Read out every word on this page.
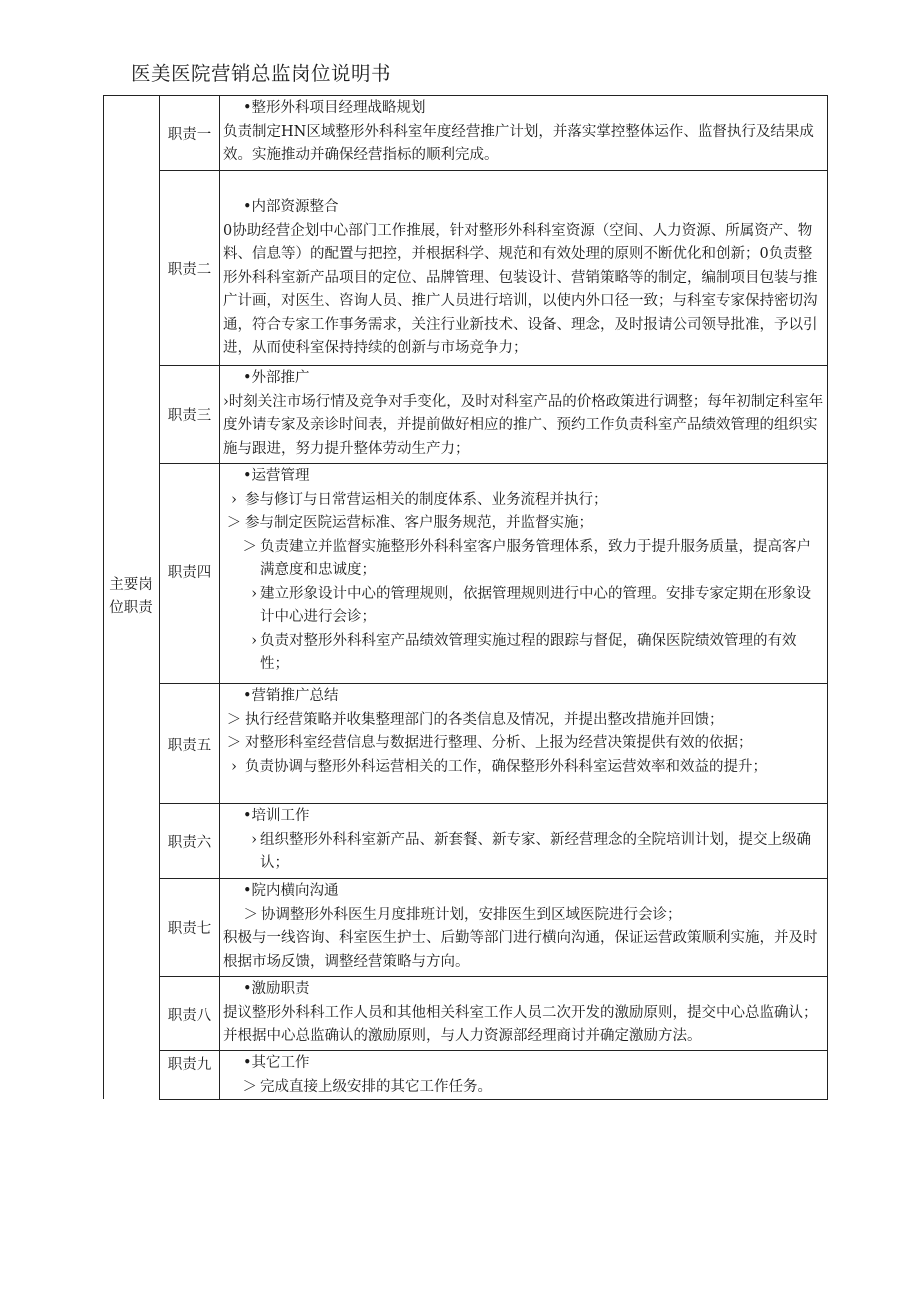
医美医院营销总监岗位说明书
主要岗位职责
职责一

•整形外科项目经理战略规划

负责制定HN区域整形外科科室年度经营推广计划，并落实掌控整体运作、监督执行及结果成效。实施推动并确保经营指标的顺利完成。

职责二

•内部资源整合

0协助经营企划中心部门工作推展，针对整形外科科室资源（空间、人力资源、所属资产、物料、信息等）的配置与把控，并根据科学、规范和有效处理的原则不断优化和创新；0负责整形外科科室新产品项目的定位、品牌管理、包装设计、营销策略等的制定，编制项目包装与推广计画，对医生、咨询人员、推广人员进行培训，以使内外口径一致；与科室专家保持密切沟通，符合专家工作事务需求，关注行业新技术、设备、理念，及时报请公司领导批准，予以引进，从而使科室保持持续的创新与市场竞争力；

职责三

•外部推广

›时刻关注市场行情及竞争对手变化，及时对科室产品的价格政策进行调整；每年初制定科室年度外请专家及亲诊时间表，并提前做好相应的推广、预约工作负责科室产品绩效管理的组织实施与跟进，努力提升整体劳动生产力；

职责四

•运营管理

› 参与修订与日常营运相关的制度体系、业务流程并执行；

＞ 参与制定医院运营标准、客户服务规范，并监督实施；

＞ 负责建立并监督实施整形外科科室客户服务管理体系，致力于提升服务质量，提高客户满意度和忠诚度；

› 建立形象设计中心的管理规则，依据管理规则进行中心的管理。安排专家定期在形象设计中心进行会诊；

› 负责对整形外科科室产品绩效管理实施过程的跟踪与督促，确保医院绩效管理的有效性；

职责五

•营销推广总结

＞ 执行经营策略并收集整理部门的各类信息及情况，并提出整改措施并回馈；

＞ 对整形科室经营信息与数据进行整理、分析、上报为经营决策提供有效的依据；

› 负责协调与整形外科运营相关的工作，确保整形外科科室运营效率和效益的提升；

职责六

•培训工作

› 组织整形外科科室新产品、新套餐、新专家、新经营理念的全院培训计划，提交上级确认；

职责七

•院内横向沟通

＞ 协调整形外科医生月度排班计划，安排医生到区域医院进行会诊；

积极与一线咨询、科室医生护士、后勤等部门进行横向沟通，保证运营政策顺利实施，并及时根据市场反馈，调整经营策略与方向。

职责八

•激励职责

提议整形外科科工作人员和其他相关科室工作人员二次开发的激励原则，提交中心总监确认；并根据中心总监确认的激励原则，与人力资源部经理商讨并确定激励方法。

职责九	•其它工作

＞ 完成直接上级安排的其它工作任务。
